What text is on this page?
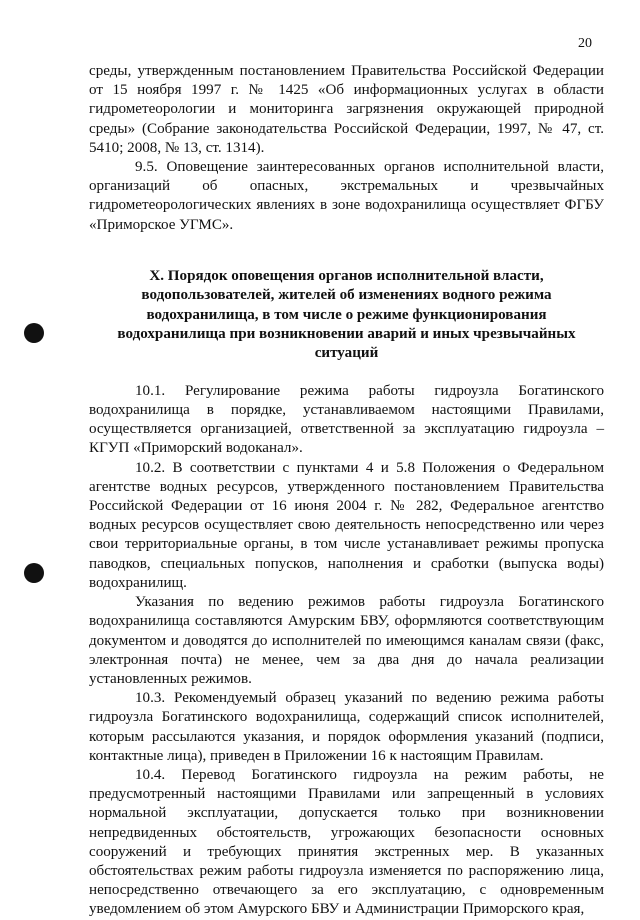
20

среды, утвержденным постановлением Правительства Российской Федерации от 15 ноября 1997 г. № 1425 «Об информационных услугах в области гидрометеорологии и мониторинга загрязнения окружающей природной среды» (Собрание законодательства Российской Федерации, 1997, № 47, ст. 5410; 2008, № 13, ст. 1314).

9.5. Оповещение заинтересованных органов исполнительной власти, организаций об опасных, экстремальных и чрезвычайных гидрометеорологических явлениях в зоне водохранилища осуществляет ФГБУ «Приморское УГМС».

X. Порядок оповещения органов исполнительной власти, водопользователей, жителей об изменениях водного режима водохранилища, в том числе о режиме функционирования водохранилища при возникновении аварий и иных чрезвычайных ситуаций

10.1. Регулирование режима работы гидроузла Богатинского водохранилища в порядке, устанавливаемом настоящими Правилами, осуществляется организацией, ответственной за эксплуатацию гидроузла – КГУП «Приморский водоканал».

10.2. В соответствии с пунктами 4 и 5.8 Положения о Федеральном агентстве водных ресурсов, утвержденного постановлением Правительства Российской Федерации от 16 июня 2004 г. № 282, Федеральное агентство водных ресурсов осуществляет свою деятельность непосредственно или через свои территориальные органы, в том числе устанавливает режимы пропуска паводков, специальных попусков, наполнения и сработки (выпуска воды) водохранилищ.

Указания по ведению режимов работы гидроузла Богатинского водохранилища составляются Амурским БВУ, оформляются соответствующим документом и доводятся до исполнителей по имеющимся каналам связи (факс, электронная почта) не менее, чем за два дня до начала реализации установленных режимов.

10.3. Рекомендуемый образец указаний по ведению режима работы гидроузла Богатинского водохранилища, содержащий список исполнителей, которым рассылаются указания, и порядок оформления указаний (подписи, контактные лица), приведен в Приложении 16 к настоящим Правилам.

10.4. Перевод Богатинского гидроузла на режим работы, не предусмотренный настоящими Правилами или запрещенный в условиях нормальной эксплуатации, допускается только при возникновении непредвиденных обстоятельств, угрожающих безопасности основных сооружений и требующих принятия экстренных мер. В указанных обстоятельствах режим работы гидроузла изменяется по распоряжению лица, непосредственно отвечающего за его эксплуатацию, с одновременным уведомлением об этом Амурского БВУ и Администрации Приморского края,
